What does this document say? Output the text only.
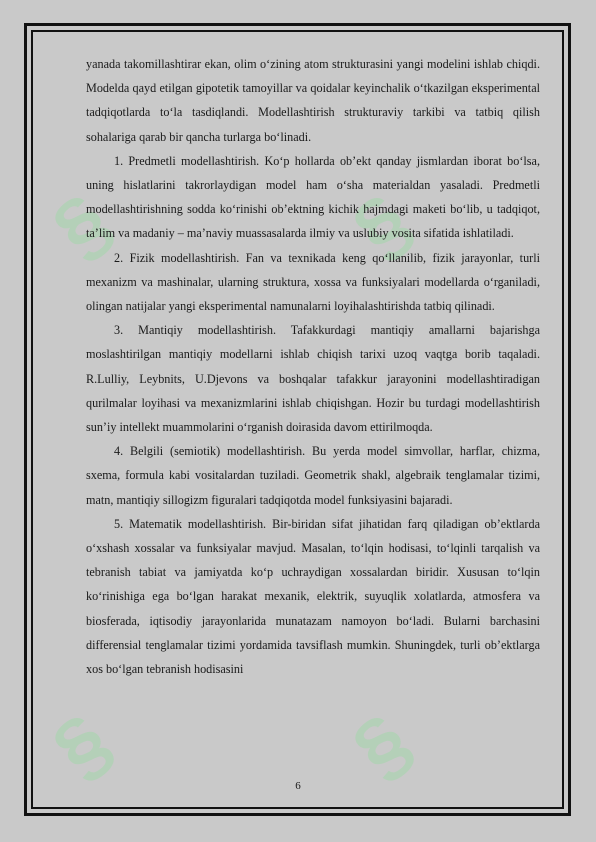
§	§
§	§

yanada takomillashtirar ekan, olim o‘zining atom strukturasini yangi modelini ishlab chiqdi. Modelda qayd etilgan gipotetik tamoyillar va qoidalar keyinchalik o‘tkazilgan eksperimental tadqiqotlarda to‘la tasdiqlandi. Modellashtirish strukturaviy tarkibi va tatbiq qilish sohalariga qarab bir qancha turlarga bo‘linadi.

1. Predmetli modellashtirish. Ko‘p hollarda ob’ekt qanday jismlardan iborat bo‘lsa, uning hislatlarini takrorlaydigan model ham o‘sha materialdan yasaladi. Predmetli modellashtirishning sodda ko‘rinishi ob’ektning kichik hajmdagi maketi bo‘lib, u tadqiqot, ta’lim va madaniy – ma’naviy muassasalarda ilmiy va uslubiy vosita sifatida ishlatiladi.

2. Fizik modellashtirish. Fan va texnikada keng qo‘llanilib, fizik jarayonlar, turli mexanizm va mashinalar, ularning struktura, xossa va funksiyalari modellarda o‘rganiladi, olingan natijalar yangi eksperimental namunalarni loyihalashtirishda tatbiq qilinadi.

3. Mantiqiy modellashtirish. Tafakkurdagi mantiqiy amallarni bajarishga moslashtirilgan mantiqiy modellarni ishlab chiqish tarixi uzoq vaqtga borib taqaladi. R.Lulliy, Leybnits, U.Djevons va boshqalar tafakkur jarayonini modellashtiradigan qurilmalar loyihasi va mexanizmlarini ishlab chiqishgan. Hozir bu turdagi modellashtirish sun’iy intellekt muammolarini o‘rganish doirasida davom ettirilmoqda.

4. Belgili (semiotik) modellashtirish. Bu yerda model simvollar, harflar, chizma, sxema, formula kabi vositalardan tuziladi. Geometrik shakl, algebraik tenglamalar tizimi, matn, mantiqiy sillogizm figuralari tadqiqotda model funksiyasini bajaradi.

5. Matematik modellashtirish. Bir-biridan sifat jihatidan farq qiladigan ob’ektlarda o‘xshash xossalar va funksiyalar mavjud. Masalan, to‘lqin hodisasi, to‘lqinli tarqalish va tebranish tabiat va jamiyatda ko‘p uchraydigan xossalardan biridir. Xususan to‘lqin ko‘rinishiga ega bo‘lgan harakat mexanik, elektrik, suyuqlik xolatlarda, atmosfera va biosferada, iqtisodiy jarayonlarida munatazam namoyon bo‘ladi. Bularni barchasini differensial tenglamalar tizimi yordamida tavsiflash mumkin. Shuningdek, turli ob’ektlarga xos bo‘lgan tebranish hodisasini

6
